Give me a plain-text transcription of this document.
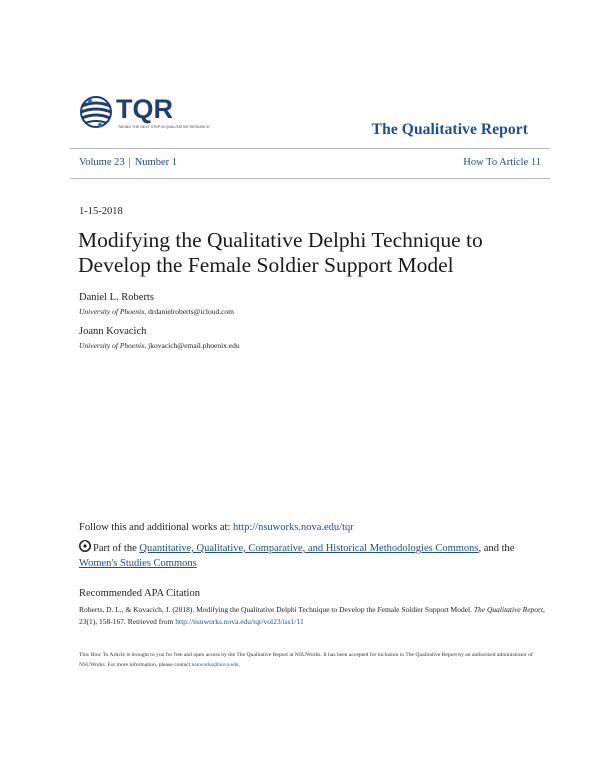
TQR
TAKING THE NEXT STEP IN QUALITATIVE RESEARCH	The Qualitative Report
Volume 23 | Number 1	How To Article 11
1-15-2018
Modifying the Qualitative Delphi Technique to Develop the Female Soldier Support Model
Daniel L. Roberts
University of Phoenix, drdanielroberts@icloud.com
Joann Kovacich
University of Phoenix, jkovacich@email.phoenix.edu
Follow this and additional works at: http://nsuworks.nova.edu/tqr
Part of the Quantitative, Qualitative, Comparative, and Historical Methodologies Commons, and the Women's Studies Commons
Recommended APA Citation
Roberts, D. L., & Kovacich, J. (2018). Modifying the Qualitative Delphi Technique to Develop the Female Soldier Support Model. The Qualitative Report, 23(1), 158-167. Retrieved from http://nsuworks.nova.edu/tqr/vol23/iss1/11
This How To Article is brought to you for free and open access by the The Qualitative Report at NSUWorks. It has been accepted for inclusion in The Qualitative Report by an authorized administrator of NSUWorks. For more information, please contact nsuworks@nova.edu.
